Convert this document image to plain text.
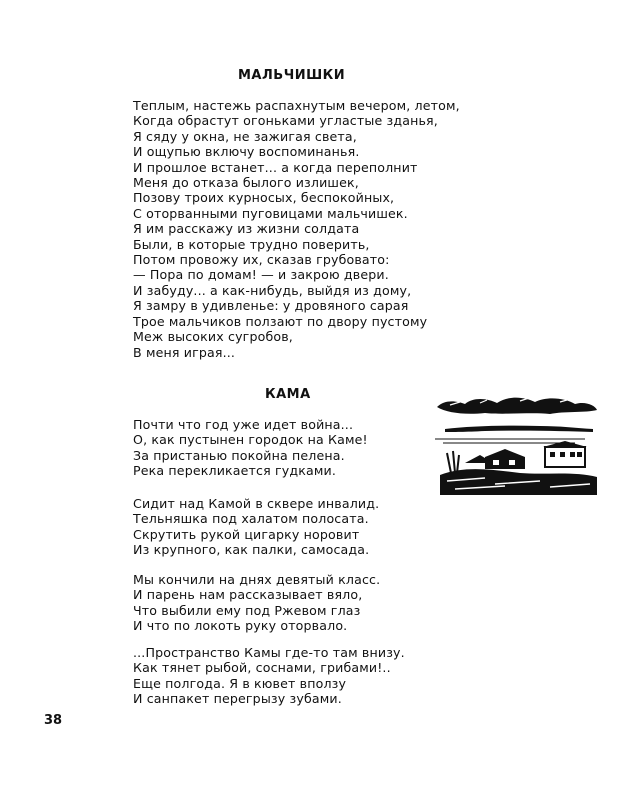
МАЛЬЧИШКИ
Теплым, настежь распахнутым вечером, летом,
Когда обрастут огоньками угластые зданья,
Я сяду у окна, не зажигая света,
И ощупью включу воспоминанья.
И прошлое встанет... а когда переполнит
Меня до отказа былого излишек,
Позову троих курносых, беспокойных,
С оторванными пуговицами мальчишек.
Я им расскажу из жизни солдата
Были, в которые трудно поверить,
Потом провожу их, сказав грубовато:
— Пора по домам! — и закрою двери.
И забуду... а как-нибудь, выйдя из дому,
Я замру в удивленье: у дровяного сарая
Трое мальчиков ползают по двору пустому
Меж высоких сугробов,
В меня играя...
КАМА
Почти что год уже идет война...
О, как пустынен городок на Каме!
За пристанью покойна пелена.
Река перекликается гудками.
Сидит над Камой в сквере инвалид.
Тельняшка под халатом полосата.
Скрутить рукой цигарку норовит
Из крупного, как палки, самосада.
Мы кончили на днях девятый класс.
И парень нам рассказывает вяло,
Что выбили ему под Ржевом глаз
И что по локоть руку оторвало.
...Пространство Камы где-то там внизу.
Как тянет рыбой, соснами, грибами!..
Еще полгода. Я в кювет вползу
И санпакет перегрызу зубами.
38
